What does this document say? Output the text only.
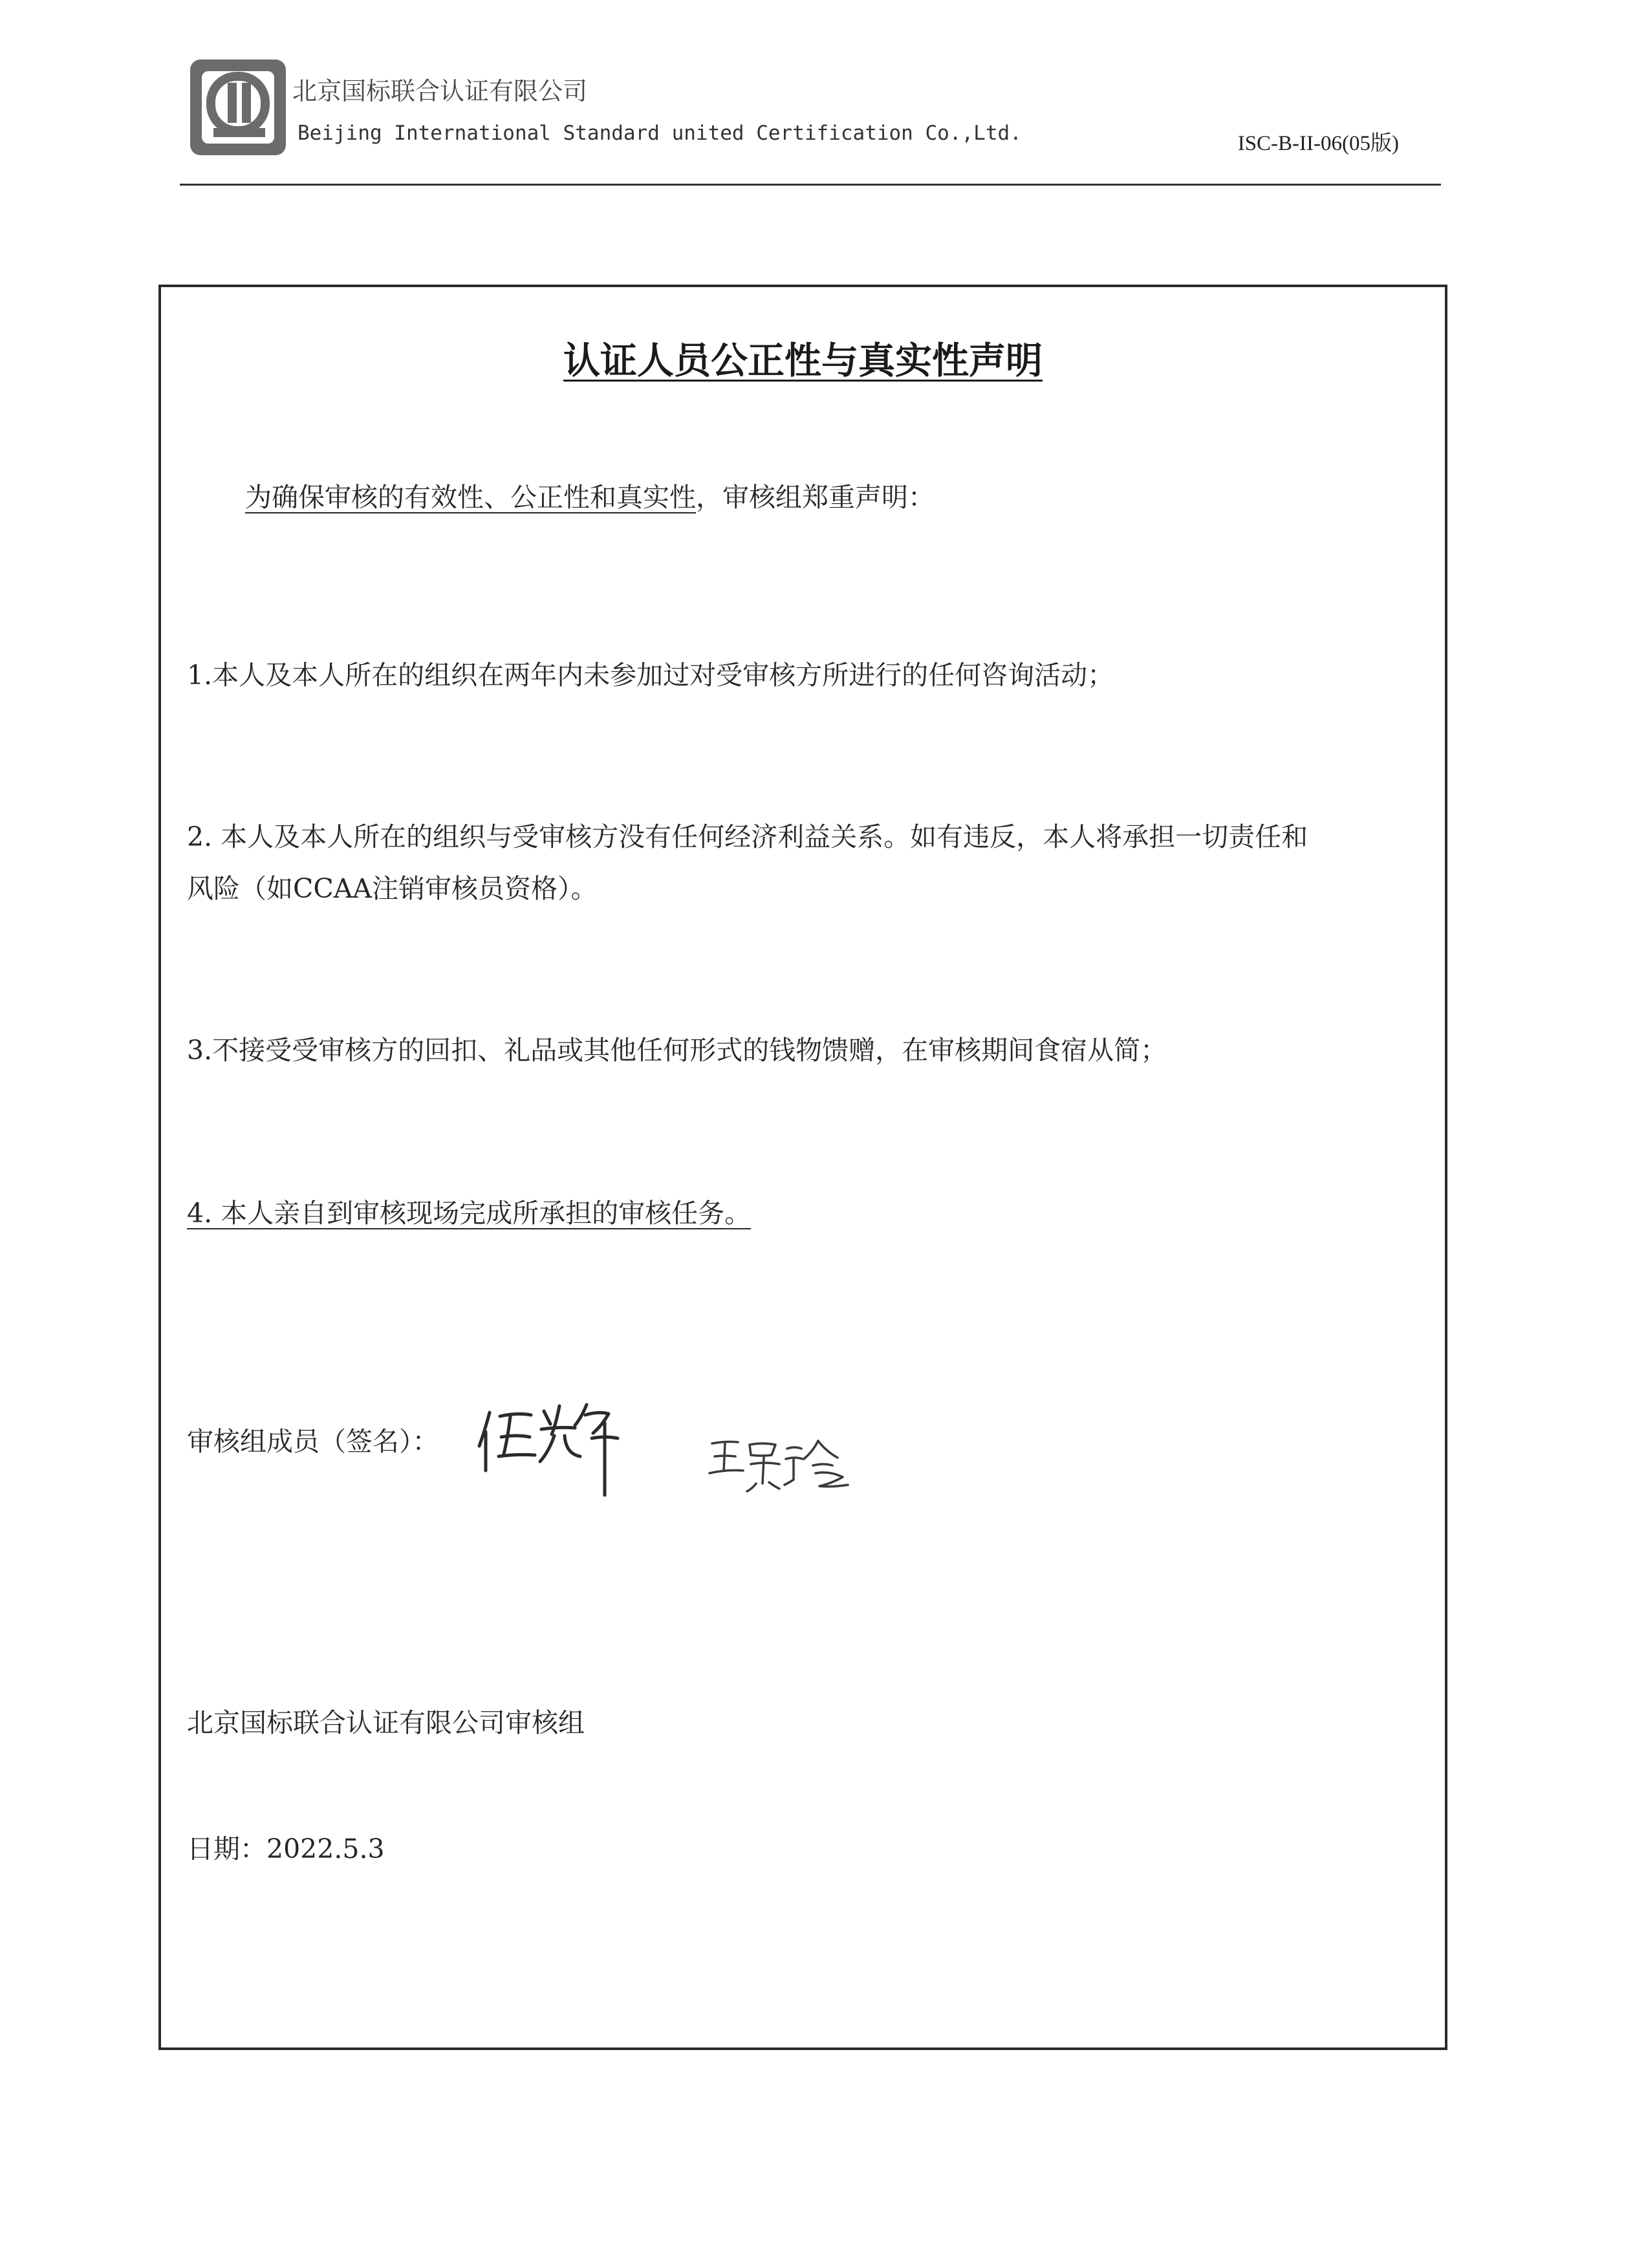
北京国标联合认证有限公司
Beijing International Standard united Certification Co.,Ltd.	ISC-B-II-06(05版)
认证人员公正性与真实性声明
为确保审核的有效性、公正性和真实性，审核组郑重声明：
1.本人及本人所在的组织在两年内未参加过对受审核方所进行的任何咨询活动；
2. 本人及本人所在的组织与受审核方没有任何经济利益关系。如有违反，本人将承担一切责任和
风险（如CCAA注销审核员资格）。
3.不接受受审核方的回扣、礼品或其他任何形式的钱物馈赠，在审核期间食宿从简；
4. 本人亲自到审核现场完成所承担的审核任务。
审核组成员（签名）：
北京国标联合认证有限公司审核组
日期：2022.5.3
